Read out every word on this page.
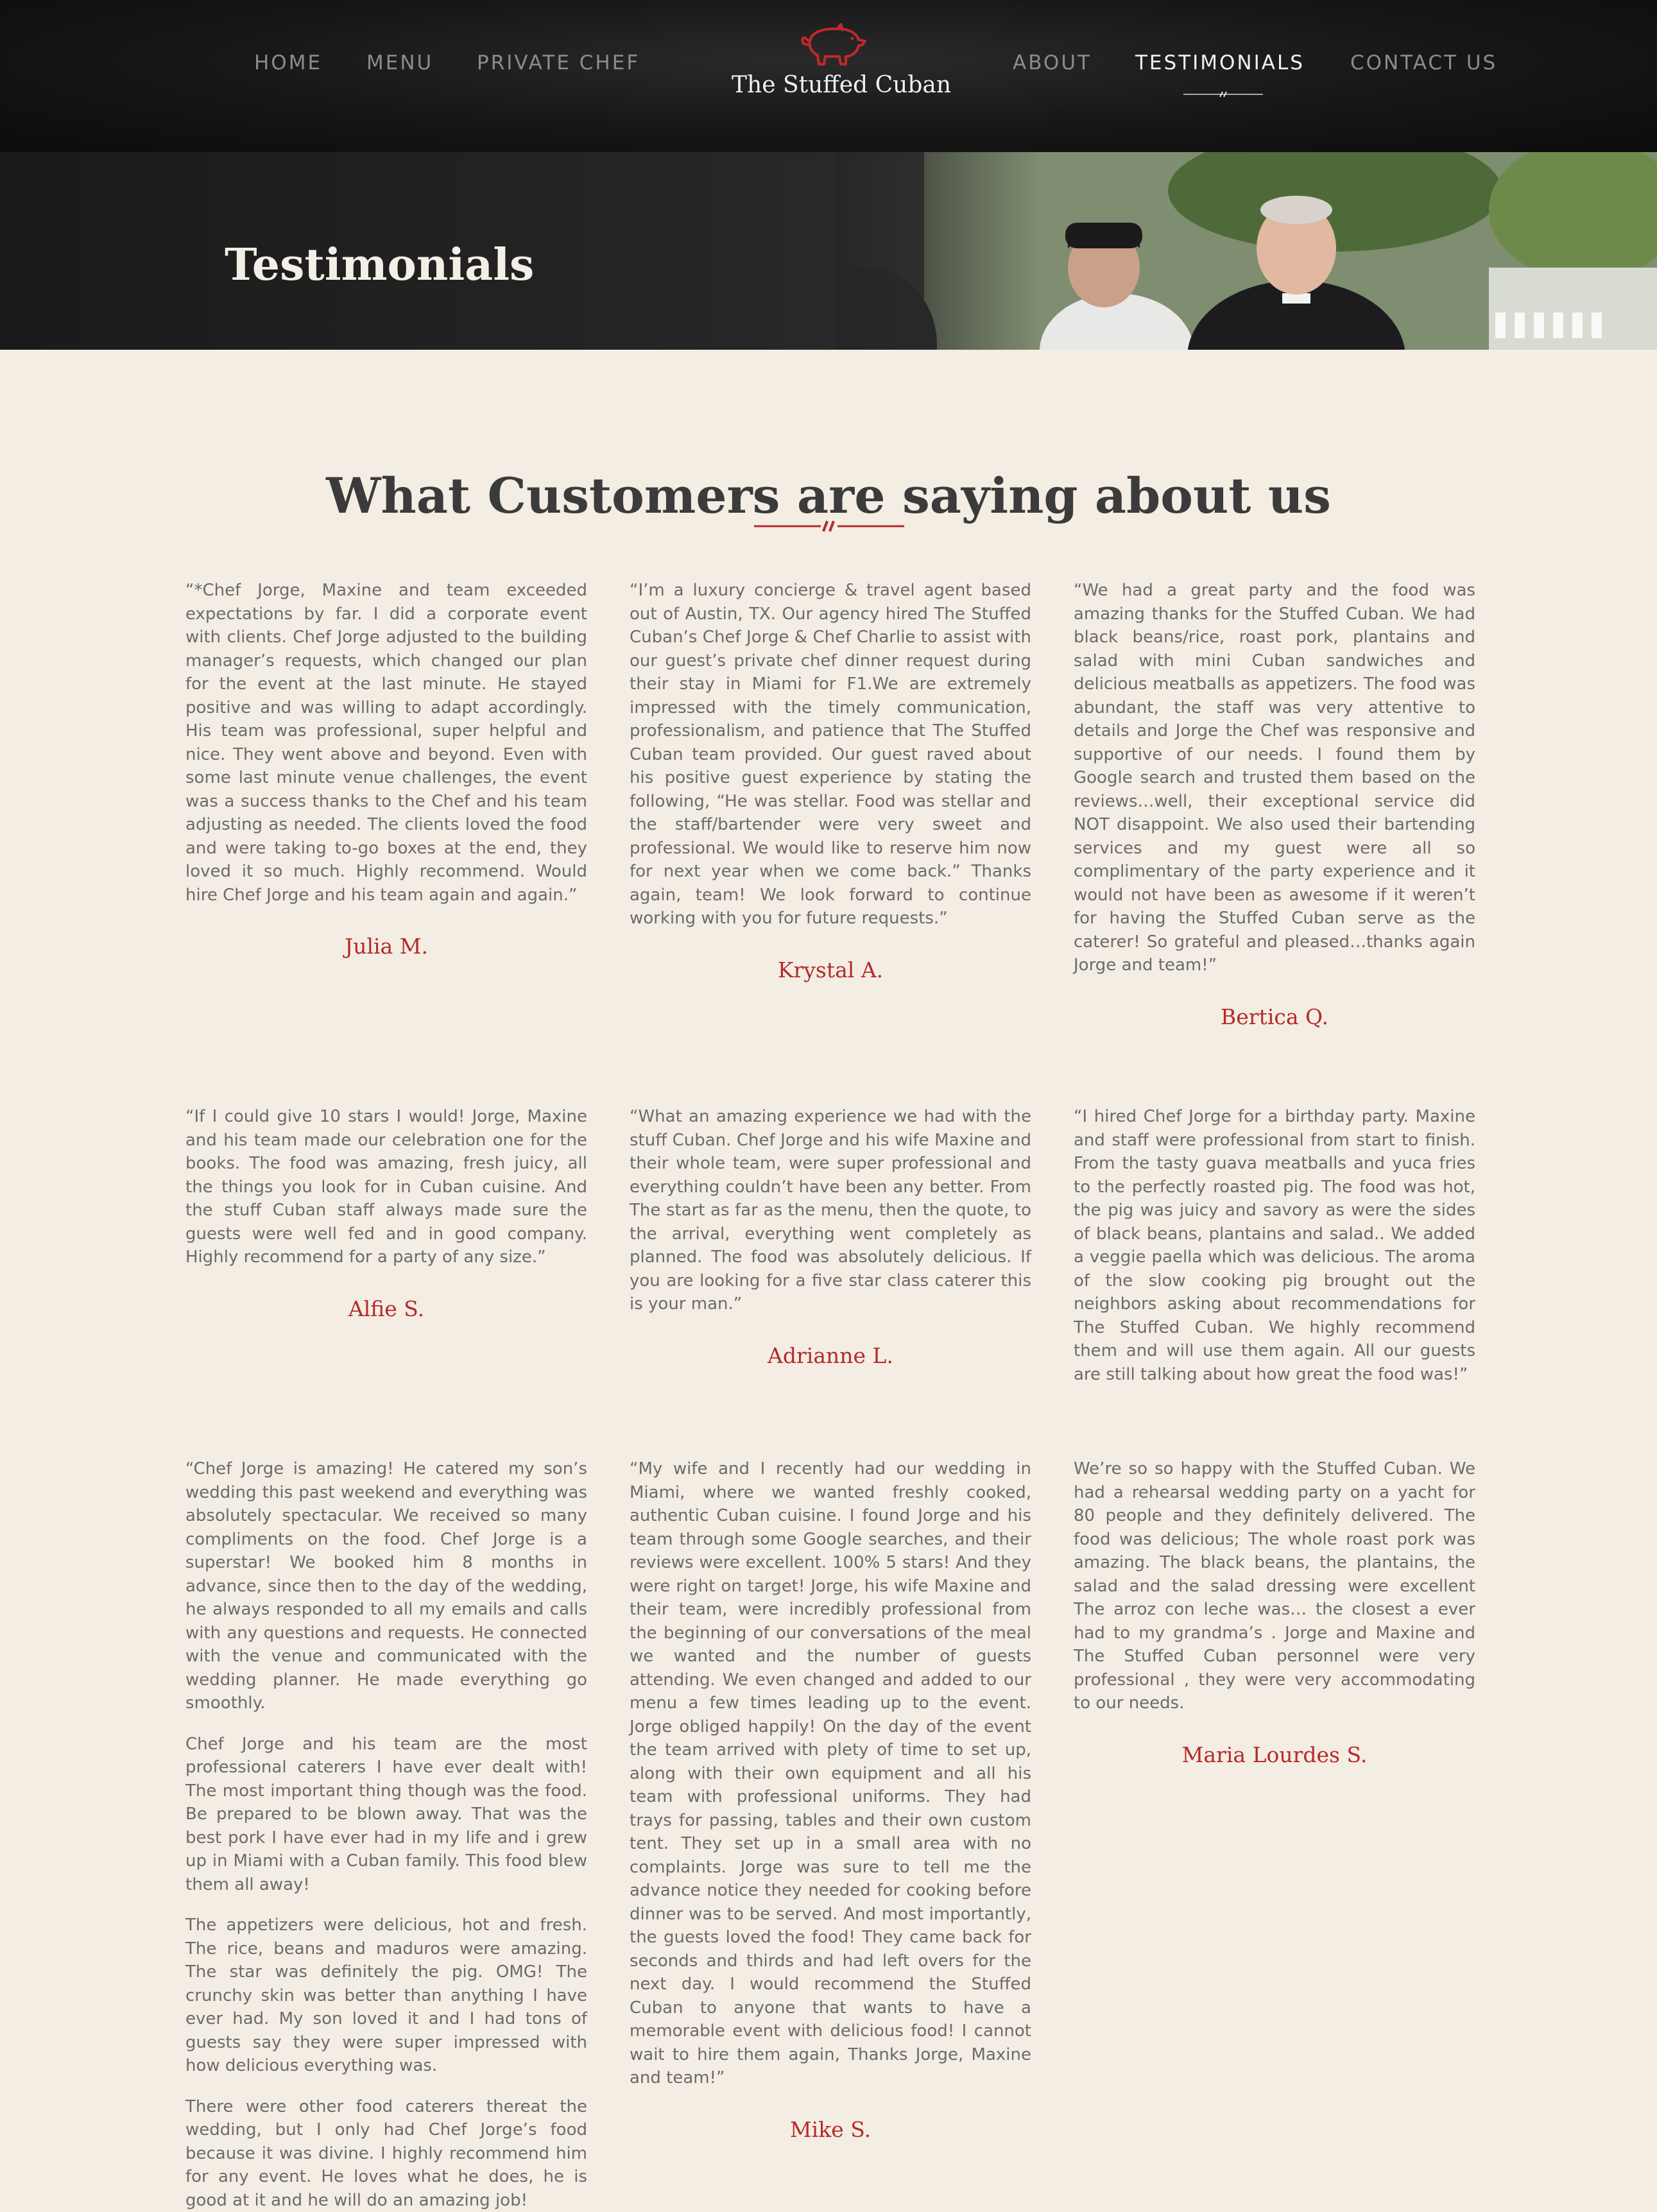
HOME MENU PRIVATE CHEF
The Stuffed Cuban
ABOUT TESTIMONIALS CONTACT US
Testimonials
What Customers are saying about us

“*Chef Jorge, Maxine and team exceeded expectations by far. I did a corporate event with clients. Chef Jorge adjusted to the building manager’s requests, which changed our plan for the event at the last minute. He stayed positive and was willing to adapt accordingly. His team was professional, super helpful and nice. They went above and beyond. Even with some last minute venue challenges, the event was a success thanks to the Chef and his team adjusting as needed. The clients loved the food and were taking to-go boxes at the end, they loved it so much. Highly recommend. Would hire Chef Jorge and his team again and again.”

Julia M.

“I’m a luxury concierge & travel agent based out of Austin, TX. Our agency hired The Stuffed Cuban’s Chef Jorge & Chef Charlie to assist with our guest’s private chef dinner request during their stay in Miami for F1.We are extremely impressed with the timely communication, professionalism, and patience that The Stuffed Cuban team provided. Our guest raved about his positive guest experience by stating the following, “He was stellar. Food was stellar and the staff/bartender were very sweet and professional. We would like to reserve him now for next year when we come back.” Thanks again, team! We look forward to continue working with you for future requests.”

Krystal A.

“We had a great party and the food was amazing thanks for the Stuffed Cuban. We had black beans/rice, roast pork, plantains and salad with mini Cuban sandwiches and delicious meatballs as appetizers. The food was abundant, the staff was very attentive to details and Jorge the Chef was responsive and supportive of our needs. I found them by Google search and trusted them based on the reviews…well, their exceptional service did NOT disappoint. We also used their bartending services and my guest were all so complimentary of the party experience and it would not have been as awesome if it weren’t for having the Stuffed Cuban serve as the caterer! So grateful and pleased…thanks again Jorge and team!”

Bertica Q.

“If I could give 10 stars I would! Jorge, Maxine and his team made our celebration one for the books. The food was amazing, fresh juicy, all the things you look for in Cuban cuisine. And the stuff Cuban staff always made sure the guests were well fed and in good company. Highly recommend for a party of any size.”

Alfie S.

“What an amazing experience we had with the stuff Cuban. Chef Jorge and his wife Maxine and their whole team, were super professional and everything couldn’t have been any better. From The start as far as the menu, then the quote, to the arrival, everything went completely as planned. The food was absolutely delicious. If you are looking for a five star class caterer this is your man.”

Adrianne L.

“I hired Chef Jorge for a birthday party. Maxine and staff were professional from start to finish. From the tasty guava meatballs and yuca fries to the perfectly roasted pig. The food was hot, the pig was juicy and savory as were the sides of black beans, plantains and salad.. We added a veggie paella which was delicious. The aroma of the slow cooking pig brought out the neighbors asking about recommendations for The Stuffed Cuban. We highly recommend them and will use them again. All our guests are still talking about how great the food was!”

“Chef Jorge is amazing! He catered my son’s wedding this past weekend and everything was absolutely spectacular. We received so many compliments on the food. Chef Jorge is a superstar! We booked him 8 months in advance, since then to the day of the wedding, he always responded to all my emails and calls with any questions and requests. He connected with the venue and communicated with the wedding planner. He made everything go smoothly.

Chef Jorge and his team are the most professional caterers I have ever dealt with! The most important thing though was the food. Be prepared to be blown away. That was the best pork I have ever had in my life and i grew up in Miami with a Cuban family. This food blew them all away!

The appetizers were delicious, hot and fresh. The rice, beans and maduros were amazing. The star was definitely the pig. OMG! The crunchy skin was better than anything I have ever had. My son loved it and I had tons of guests say they were super impressed with how delicious everything was.

There were other food caterers thereat the wedding, but I only had Chef Jorge’s food because it was divine. I highly recommend him for any event. He loves what he does, he is good at it and he will do an amazing job!

“My wife and I recently had our wedding in Miami, where we wanted freshly cooked, authentic Cuban cuisine. I found Jorge and his team through some Google searches, and their reviews were excellent. 100% 5 stars! And they were right on target! Jorge, his wife Maxine and their team, were incredibly professional from the beginning of our conversations of the meal we wanted and the number of guests attending. We even changed and added to our menu a few times leading up to the event. Jorge obliged happily! On the day of the event the team arrived with plety of time to set up, along with their own equipment and all his team with professional uniforms. They had trays for passing, tables and their own custom tent. They set up in a small area with no complaints. Jorge was sure to tell me the advance notice they needed for cooking before dinner was to be served. And most importantly, the guests loved the food! They came back for seconds and thirds and had left overs for the next day. I would recommend the Stuffed Cuban to anyone that wants to have a memorable event with delicious food! I cannot wait to hire them again, Thanks Jorge, Maxine and team!”

Mike S.

We’re so so happy with the Stuffed Cuban. We had a rehearsal wedding party on a yacht for 80 people and they definitely delivered. The food was delicious; The whole roast pork was amazing. The black beans, the plantains, the salad and the salad dressing were excellent The arroz con leche was… the closest a ever had to my grandma’s . Jorge and Maxine and The Stuffed Cuban personnel were very professional , they were very accommodating to our needs.

Maria Lourdes S.
